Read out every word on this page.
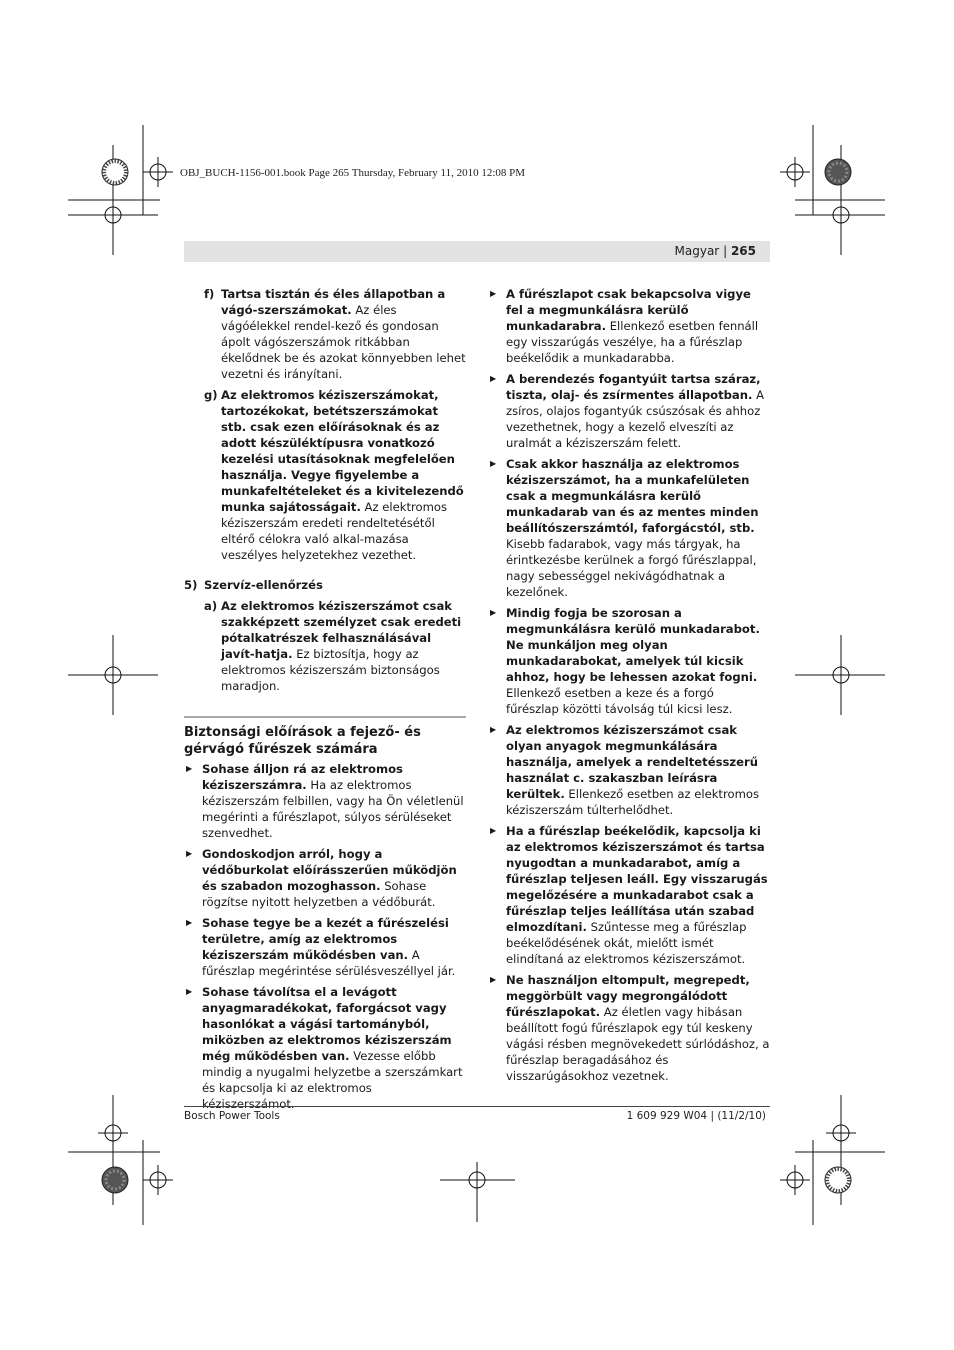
OBJ_BUCH-1156-001.book Page 265 Thursday, February 11, 2010 12:08 PM
Magyar | 265
f) Tartsa tisztán és éles állapotban a vágó-szerszámokat. Az éles vágóélekkel rendel-kező és gondosan ápolt vágószerszámok ritkábban ékelődnek be és azokat könnyebben lehet vezetni és irányítani.
g) Az elektromos kéziszerszámokat, tartozékokat, betétszerszámokat stb. csak ezen előírásoknak és az adott készüléktípusra vonatkozó kezelési utasításoknak megfelelően használja. Vegye figyelembe a munkafeltételeket és a kivitelezendő munka sajátosságait. Az elektromos kéziszerszám eredeti rendeltetésétől eltérő célokra való alkal-mazása veszélyes helyzetekhez vezethet.
5) Szervíz-ellenőrzés
a) Az elektromos kéziszerszámot csak szakképzett személyzet csak eredeti pótalkatrészek felhasználásával javít-hatja. Ez biztosítja, hogy az elektromos kéziszerszám biztonságos maradjon.
Biztonsági előírások a fejező- és gérvágó fűrészek számára
▶ Sohase álljon rá az elektromos kéziszerszámra. Ha az elektromos kéziszerszám felbillen, vagy ha Ön véletlenül megérinti a fűrészlapot, súlyos sérüléseket szenvedhet.
▶ Gondoskodjon arról, hogy a védőburkolat előírásszerűen működjön és szabadon mozoghasson. Sohase rögzítse nyitott helyzetben a védőburát.
▶ Sohase tegye be a kezét a fűrészelési területre, amíg az elektromos kéziszerszám működésben van. A fűrészlap megérintése sérülésveszéllyel jár.
▶ Sohase távolítsa el a levágott anyagmaradékokat, faforgácsot vagy hasonlókat a vágási tartományból, miközben az elektromos kéziszerszám még működésben van. Vezesse előbb mindig a nyugalmi helyzetbe a szerszámkart és kapcsolja ki az elektromos kéziszerszámot.
▶ A fűrészlapot csak bekapcsolva vigye fel a megmunkálásra kerülő munkadarabra. Ellenkező esetben fennáll egy visszarúgás veszélye, ha a fűrészlap beékelődik a munkadarabba.
▶ A berendezés fogantyúit tartsa száraz, tiszta, olaj- és zsírmentes állapotban. A zsíros, olajos fogantyúk csúszósak és ahhoz vezethetnek, hogy a kezelő elveszíti az uralmát a kéziszerszám felett.
▶ Csak akkor használja az elektromos kéziszerszámot, ha a munkafelületen csak a megmunkálásra kerülő munkadarab van és az mentes minden beállítószerszámtól, faforgácstól, stb. Kisebb fadarabok, vagy más tárgyak, ha érintkezésbe kerülnek a forgó fűrészlappal, nagy sebességgel nekivágódhatnak a kezelőnek.
▶ Mindig fogja be szorosan a megmunkálásra kerülő munkadarabot. Ne munkáljon meg olyan munkadarabokat, amelyek túl kicsik ahhoz, hogy be lehessen azokat fogni. Ellenkező esetben a keze és a forgó fűrészlap közötti távolság túl kicsi lesz.
▶ Az elektromos kéziszerszámot csak olyan anyagok megmunkálására használja, amelyek a rendeltetésszerű használat c. szakaszban leírásra kerültek. Ellenkező esetben az elektromos kéziszerszám túlterhelődhet.
▶ Ha a fűrészlap beékelődik, kapcsolja ki az elektromos kéziszerszámot és tartsa nyugodtan a munkadarabot, amíg a fűrészlap teljesen leáll. Egy visszarugás megelőzésére a munkadarabot csak a fűrészlap teljes leállítása után szabad elmozdítani. Szűntesse meg a fűrészlap beékelődésének okát, mielőtt ismét elindítaná az elektromos kéziszerszámot.
▶ Ne használjon eltompult, megrepedt, meggörbült vagy megrongálódott fűrészlapokat. Az életlen vagy hibásan beállított fogú fűrészlapok egy túl keskeny vágási résben megnövekedett súrlódáshoz, a fűrészlap beragadásához és visszarúgásokhoz vezetnek.
Bosch Power Tools	1 609 929 W04 | (11/2/10)
